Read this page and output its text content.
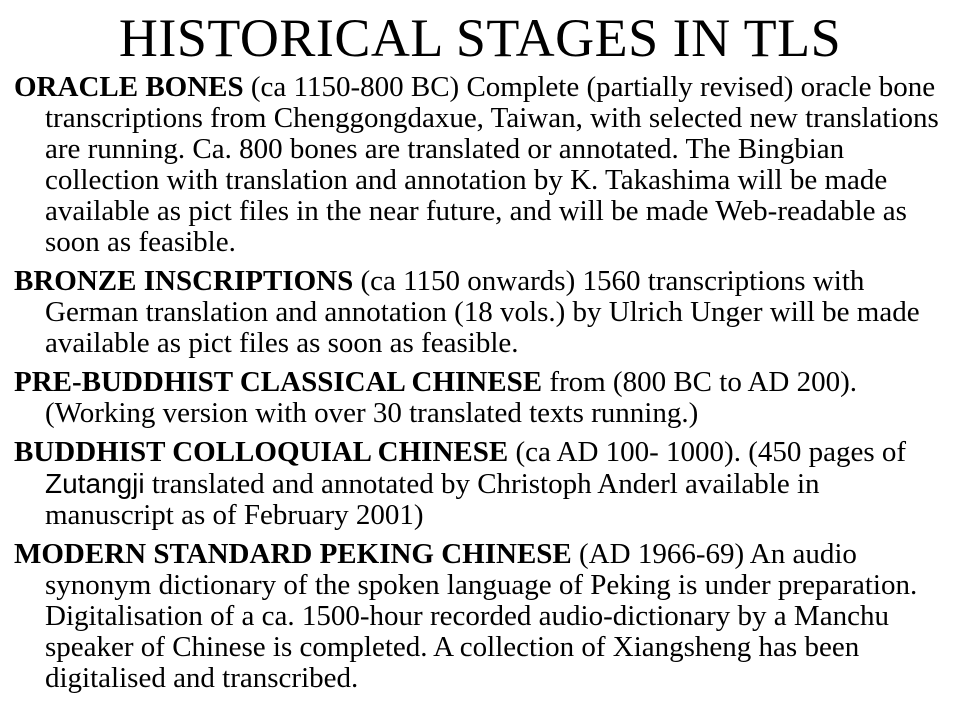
HISTORICAL STAGES IN TLS
ORACLE BONES (ca 1150-800 BC) Complete (partially revised) oracle bone transcriptions from Chenggongdaxue, Taiwan, with selected new translations are running. Ca. 800 bones are translated or annotated. The Bingbian collection with translation and annotation by K. Takashima will be made available as pict files in the near future, and will be made Web-readable as soon as feasible.
BRONZE INSCRIPTIONS (ca 1150 onwards) 1560 transcriptions with German translation and annotation (18 vols.) by Ulrich Unger will be made available as pict files as soon as feasible.
PRE-BUDDHIST CLASSICAL CHINESE from (800 BC to AD 200). (Working version with over 30 translated texts running.)
BUDDHIST COLLOQUIAL CHINESE (ca AD 100- 1000). (450 pages of Zutangji translated and annotated by Christoph Anderl available in manuscript as of February 2001)
MODERN STANDARD PEKING CHINESE (AD 1966-69) An audio synonym dictionary of the spoken language of Peking is under preparation. Digitalisation of a ca. 1500-hour recorded audio-dictionary by a Manchu speaker of Chinese is completed. A collection of Xiangsheng has been digitalised and transcribed.
